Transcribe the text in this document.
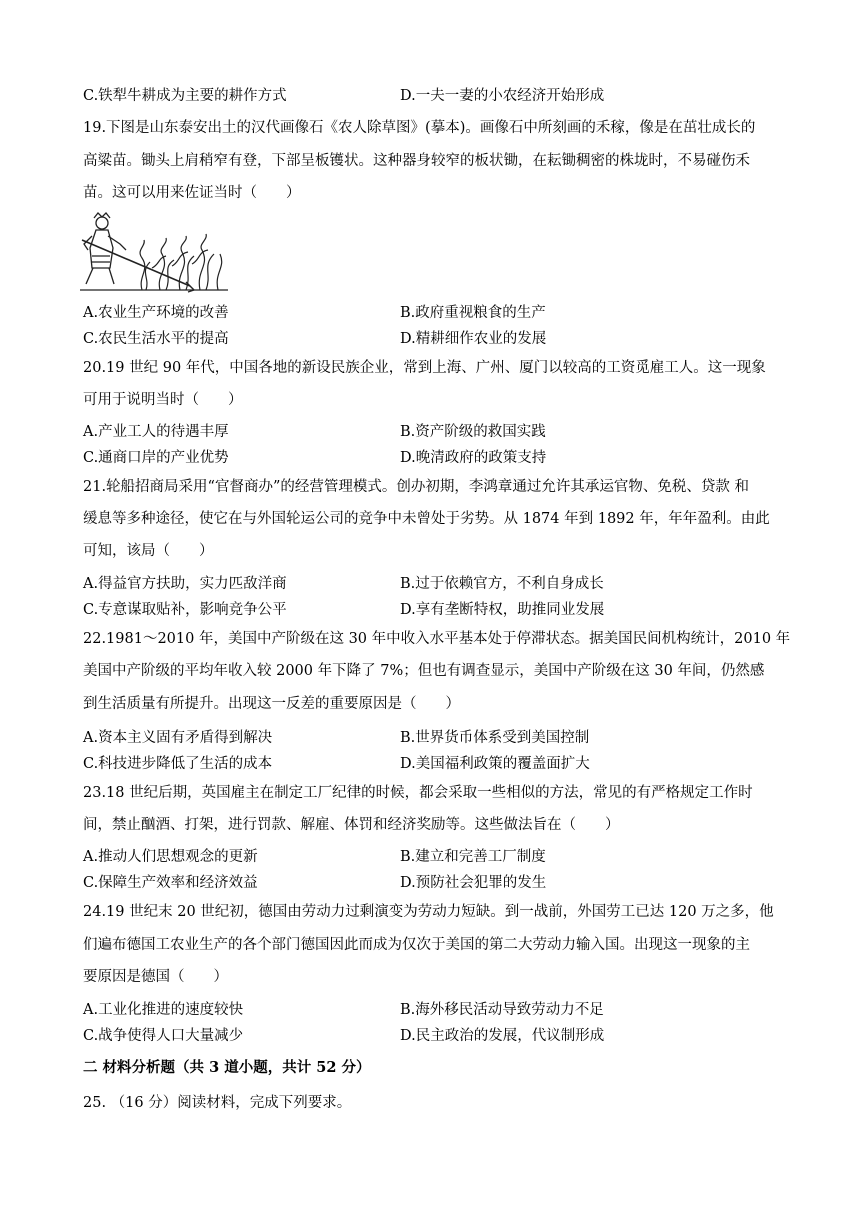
C.铁犁牛耕成为主要的耕作方式	D.一夫一妻的小农经济开始形成
19.下图是山东泰安出土的汉代画像石《农人除草图》(摹本)。画像石中所刻画的禾稼，像是在茁壮成长的
高粱苗。锄头上肩稍窄有登，下部呈板镬状。这种器身较窄的板状锄，在耘锄稠密的株垅时，不易碰伤禾
苗。这可以用来佐证当时（　　）
A.农业生产环境的改善	B.政府重视粮食的生产
C.农民生活水平的提高	D.精耕细作农业的发展
20.19 世纪 90 年代，中国各地的新设民族企业，常到上海、广州、厦门以较高的工资觅雇工人。这一现象
可用于说明当时（　　）
A.产业工人的待遇丰厚	B.资产阶级的救国实践
C.通商口岸的产业优势	D.晚清政府的政策支持
21.轮船招商局采用“官督商办”的经营管理模式。创办初期，李鸿章通过允许其承运官物、免税、贷款 和
缓息等多种途径，使它在与外国轮运公司的竞争中未曾处于劣势。从 1874 年到 1892 年，年年盈利。由此
可知，该局（　　）
A.得益官方扶助，实力匹敌洋商	B.过于依赖官方，不利自身成长
C.专意谋取贴补，影响竞争公平	D.享有垄断特权，助推同业发展
22.1981～2010 年，美国中产阶级在这 30 年中收入水平基本处于停滞状态。据美国民间机构统计，2010 年
美国中产阶级的平均年收入较 2000 年下降了 7%；但也有调查显示，美国中产阶级在这 30 年间，仍然感
到生活质量有所提升。出现这一反差的重要原因是（　　）
A.资本主义固有矛盾得到解决	B.世界货币体系受到美国控制
C.科技进步降低了生活的成本	D.美国福利政策的覆盖面扩大
23.18 世纪后期，英国雇主在制定工厂纪律的时候，都会采取一些相似的方法，常见的有严格规定工作时
间，禁止酗酒、打架，进行罚款、解雇、体罚和经济奖励等。这些做法旨在（　　）
A.推动人们思想观念的更新	B.建立和完善工厂制度
C.保障生产效率和经济效益	D.预防社会犯罪的发生
24.19 世纪末 20 世纪初，德国由劳动力过剩演变为劳动力短缺。到一战前，外国劳工已达 120 万之多，他
们遍布德国工农业生产的各个部门德国因此而成为仅次于美国的第二大劳动力输入国。出现这一现象的主
要原因是德国（　　）
A.工业化推进的速度较快	B.海外移民活动导致劳动力不足
C.战争使得人口大量减少	D.民主政治的发展，代议制形成
二 材料分析题（共 3 道小题，共计 52 分）
25. （16 分）阅读材料，完成下列要求。
